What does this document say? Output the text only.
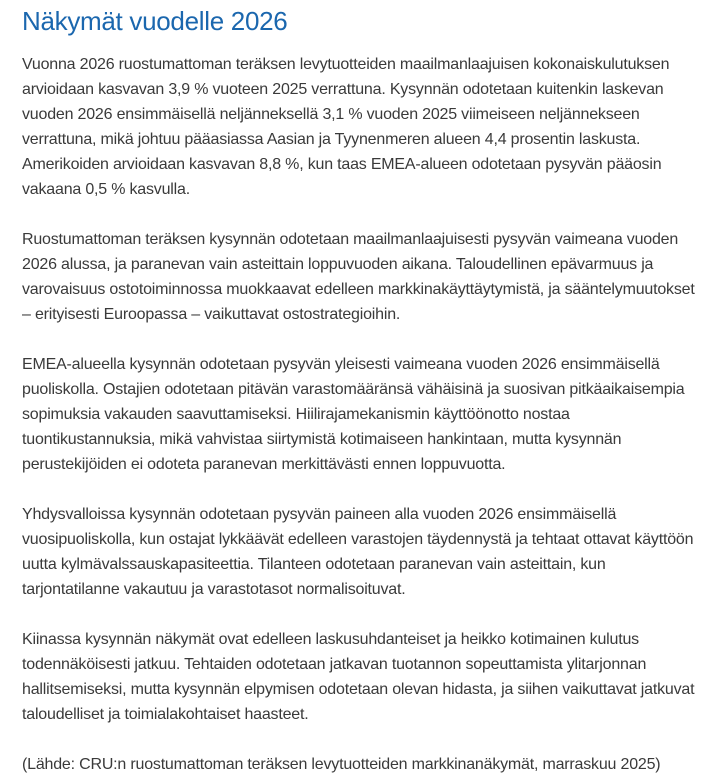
Näkymät vuodelle 2026

Vuonna 2026 ruostumattoman teräksen levytuotteiden maailmanlaajuisen kokonaiskulutuksen arvioidaan kasvavan 3,9 % vuoteen 2025 verrattuna. Kysynnän odotetaan kuitenkin laskevan vuoden 2026 ensimmäisellä neljänneksellä 3,1 % vuoden 2025 viimeiseen neljännekseen verrattuna, mikä johtuu pääasiassa Aasian ja Tyynenmeren alueen 4,4 prosentin laskusta. Amerikoiden arvioidaan kasvavan 8,8 %, kun taas EMEA-alueen odotetaan pysyvän pääosin vakaana 0,5 % kasvulla.

Ruostumattoman teräksen kysynnän odotetaan maailmanlaajuisesti pysyvän vaimeana vuoden 2026 alussa, ja paranevan vain asteittain loppuvuoden aikana. Taloudellinen epävarmuus ja varovaisuus ostotoiminnossa muokkaavat edelleen markkinakäyttäytymistä, ja sääntelymuutokset – erityisesti Euroopassa – vaikuttavat ostostrategioihin.

EMEA-alueella kysynnän odotetaan pysyvän yleisesti vaimeana vuoden 2026 ensimmäisellä puoliskolla. Ostajien odotetaan pitävän varastomääränsä vähäisinä ja suosivan pitkäaikaisempia sopimuksia vakauden saavuttamiseksi. Hiilirajamekanismin käyttöönotto nostaa tuontikustannuksia, mikä vahvistaa siirtymistä kotimaiseen hankintaan, mutta kysynnän perustekijöiden ei odoteta paranevan merkittävästi ennen loppuvuotta.

Yhdysvalloissa kysynnän odotetaan pysyvän paineen alla vuoden 2026 ensimmäisellä vuosipuoliskolla, kun ostajat lykkäävät edelleen varastojen täydennystä ja tehtaat ottavat käyttöön uutta kylmävalssauskapasiteettia. Tilanteen odotetaan paranevan vain asteittain, kun tarjontatilanne vakautuu ja varastotasot normalisoituvat.

Kiinassa kysynnän näkymät ovat edelleen laskusuhdanteiset ja heikko kotimainen kulutus todennäköisesti jatkuu. Tehtaiden odotetaan jatkavan tuotannon sopeuttamista ylitarjonnan hallitsemiseksi, mutta kysynnän elpymisen odotetaan olevan hidasta, ja siihen vaikuttavat jatkuvat taloudelliset ja toimialakohtaiset haasteet.

(Lähde: CRU:n ruostumattoman teräksen levytuotteiden markkinanäkymät, marraskuu 2025)
